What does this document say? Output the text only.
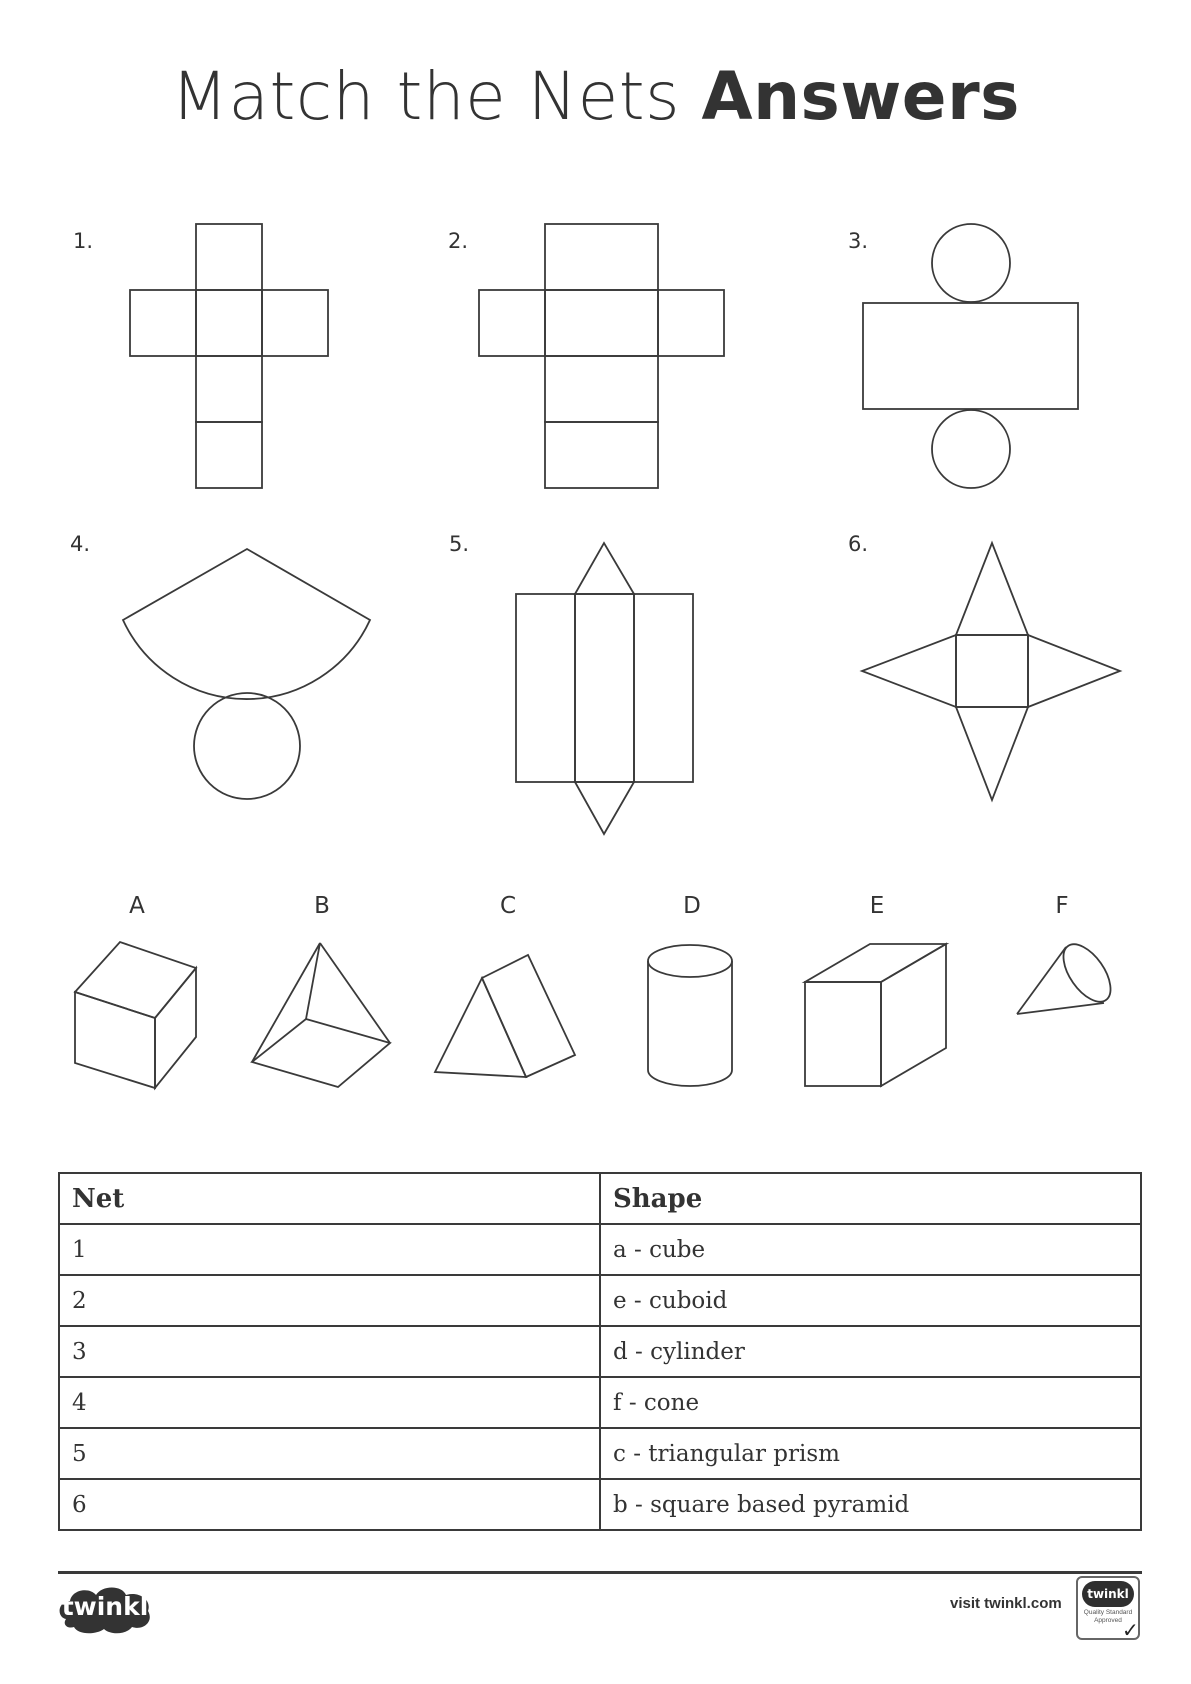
Match the Nets Answers
1.	2.	3.
4.	5.	6.
A	B	C	D	E	F
Net	Shape
1	a - cube
2	e - cuboid
3	d - cylinder
4	f - cone
5	c - triangular prism
6	b - square based pyramid
twinkl	visit twinkl.com
twinkl
Quality Standard Approved ✓
